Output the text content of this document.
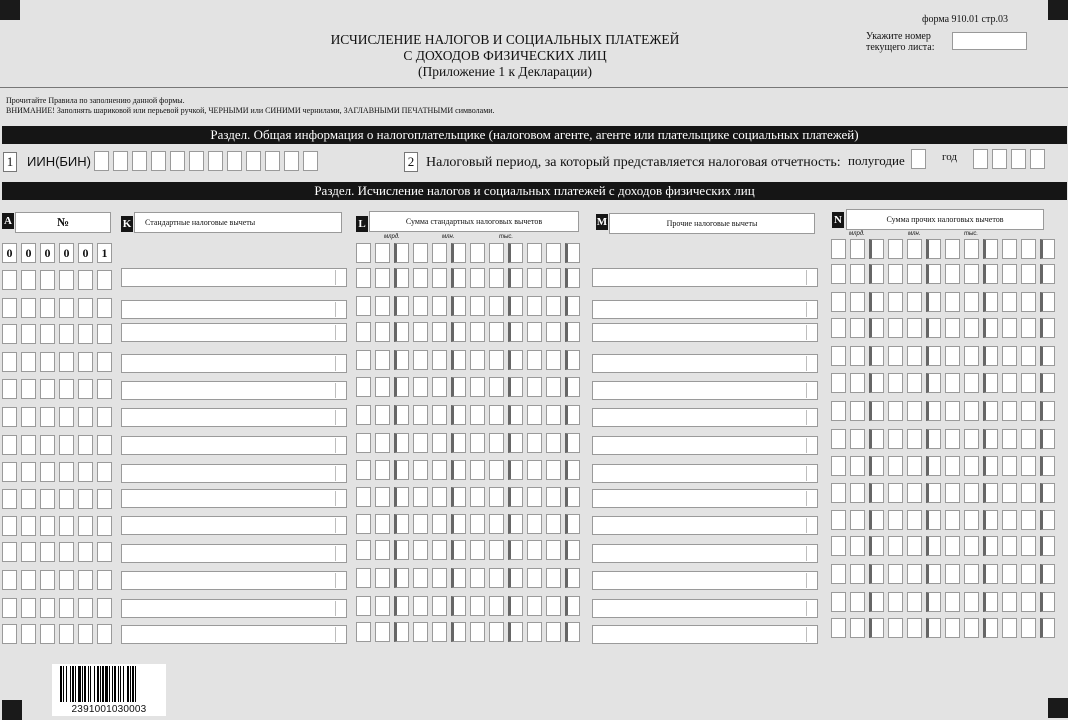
ИСЧИСЛЕНИЕ НАЛОГОВ И СОЦИАЛЬНЫХ ПЛАТЕЖЕЙ
С ДОХОДОВ ФИЗИЧЕСКИХ ЛИЦ
(Приложение 1 к Декларации)
форма 910.01 стр.03
Укажите номер
текущего листа:
Прочитайте Правила по заполнению данной формы.
ВНИМАНИЕ! Заполнять шариковой или перьевой ручкой, ЧЕРНЫМИ или СИНИМИ чернилами, ЗАГЛАВНЫМИ ПЕЧАТНЫМИ символами.
Раздел. Общая информация о налогоплательщике (налоговом агенте, агенте или плательщике социальных платежей)
1 ИИН(БИН)	2 Налоговый период, за который представляется налоговая отчетность: полугодие	год
Раздел. Исчисление налогов и социальных платежей с доходов физических лиц
A	№	K	Стандартные налоговые вычеты	L	Сумма стандартных налоговых вычетов	M	Прочие налоговые вычеты	N	Сумма прочих налоговых вычетов
млрд.	млн.	тыс.	млрд.	млн.	тыс.
0	0	0	0	0	1
2391001030003
